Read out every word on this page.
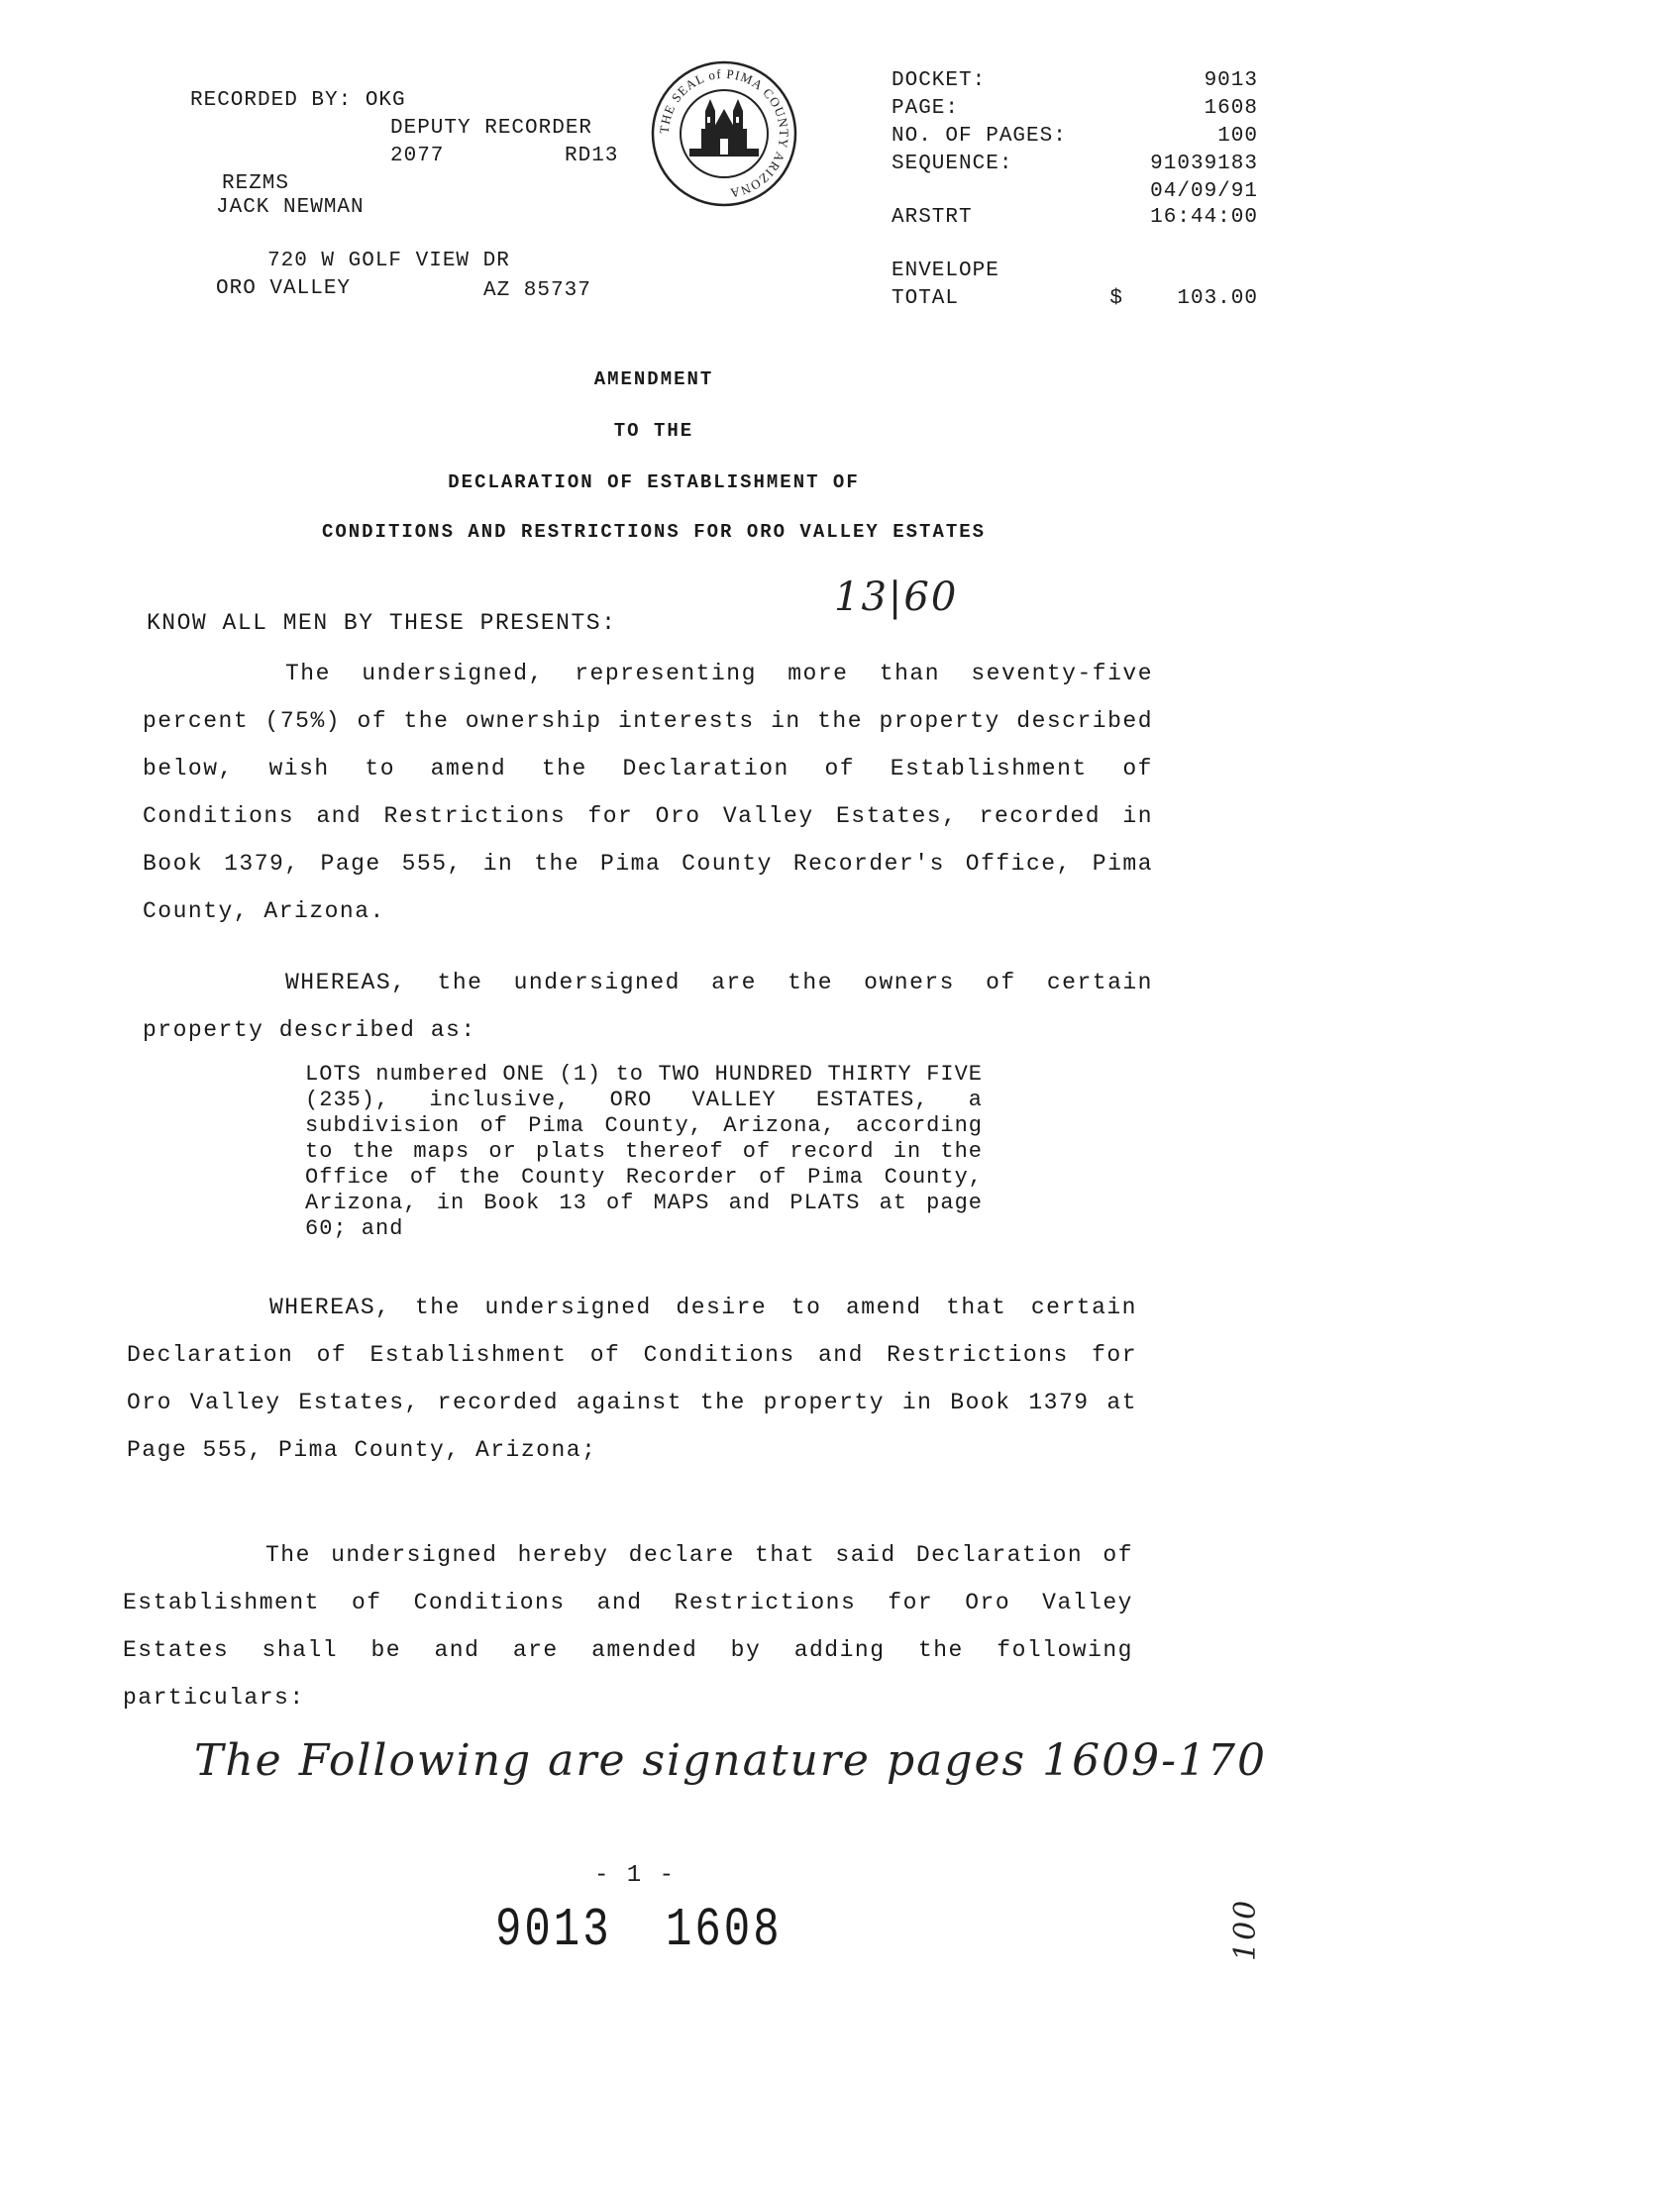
RECORDED BY: OKG
DEPUTY RECORDER
2077	RD13
REZMS
JACK NEWMAN
720 W GOLF VIEW DR
ORO VALLEY	AZ 85737
THE SEAL of PIMA COUNTY ARIZONA
DOCKET:	9013
PAGE:	1608
NO. OF PAGES:	100
SEQUENCE:	91039183
04/09/91
ARSTRT	16:44:00
ENVELOPE
TOTAL	$	103.00
AMENDMENT
TO THE
DECLARATION OF ESTABLISHMENT OF
CONDITIONS AND RESTRICTIONS FOR ORO VALLEY ESTATES
13|60
KNOW ALL MEN BY THESE PRESENTS:
The undersigned, representing more than seventy-five percent (75%) of the ownership interests in the property described below, wish to amend the Declaration of Establishment of Conditions and Restrictions for Oro Valley Estates, recorded in Book 1379, Page 555, in the Pima County Recorder's Office, Pima County, Arizona.
WHEREAS, the undersigned are the owners of certain property described as:
LOTS numbered ONE (1) to TWO HUNDRED THIRTY FIVE (235), inclusive, ORO VALLEY ESTATES, a subdivision of Pima County, Arizona, according to the maps or plats thereof of record in the Office of the County Recorder of Pima County, Arizona, in Book 13 of MAPS and PLATS at page 60; and
WHEREAS, the undersigned desire to amend that certain Declaration of Establishment of Conditions and Restrictions for Oro Valley Estates, recorded against the property in Book 1379 at Page 555, Pima County, Arizona;
The undersigned hereby declare that said Declaration of Establishment of Conditions and Restrictions for Oro Valley Estates shall be and are amended by adding the following particulars:
The Following are signature pages 1609-170
- 1 -
9013 1608	100
